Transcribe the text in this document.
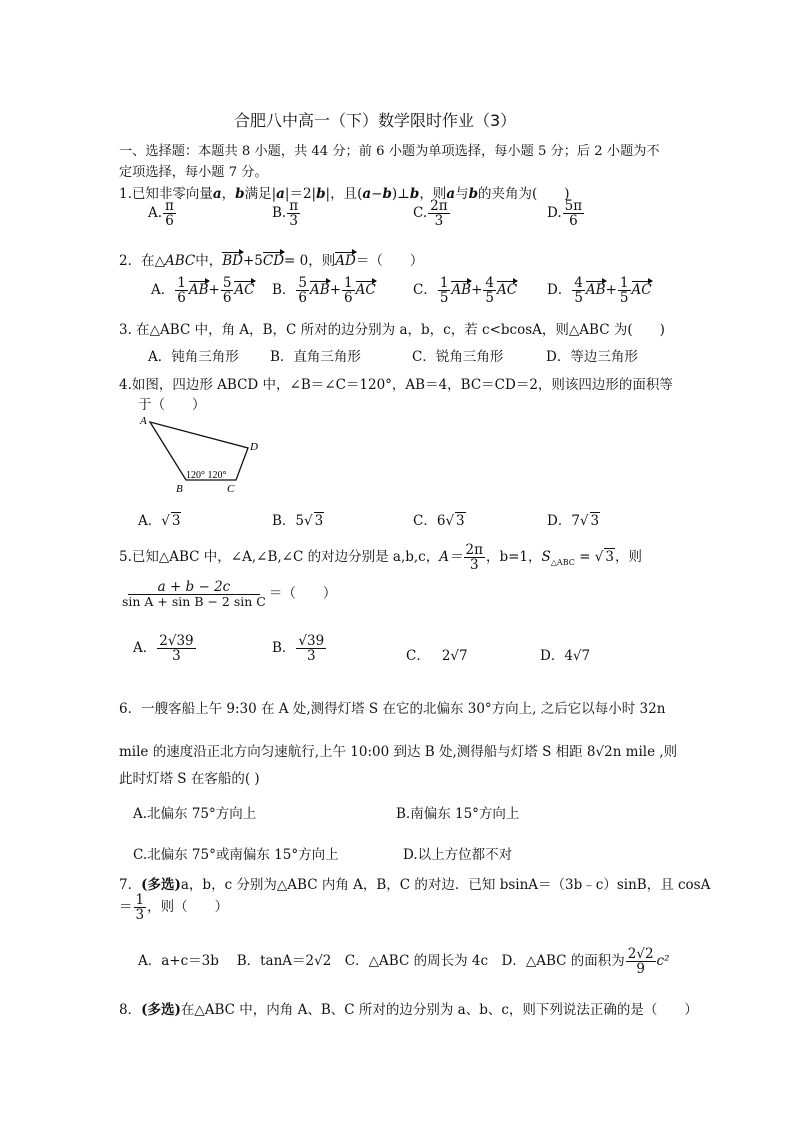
合肥八中高一（下）数学限时作业（3）
一、选择题：本题共 8 小题，共 44 分；前 6 小题为单项选择，每小题 5 分；后 2 小题为不
定项选择，每小题 7 分。
1.已知非零向量a，b满足|a|＝2|b|，且(a−b)⊥b，则a与b的夹角为(　　)
A. $\frac{\pi}{6}$	B. $\frac{\pi}{3}$	C. $\frac{2\pi}{3}$	D. $\frac{5\pi}{6}$
2．在△ABC中，BD+5CD= 0，则AD＝（　　）
A． $\frac{1}{6} AB+ \frac{5}{6}$ AC B． $\frac{5}{6} AB+ \frac{1}{6}$ AC	C． $\frac{1}{5} AB+ \frac{4}{5}$ AC D． $\frac{4}{5} AB+ \frac{1}{5}$ AC
3. 在△ABC 中，角 A，B，C 所对的边分别为 a，b，c，若 c<bcosA，则△ABC 为(　　)
A．钝角三角形 B．直角三角形	C．锐角三角形	D．等边三角形
4.如图，四边形 ABCD 中，∠B＝∠C＝120°，AB＝4，BC＝CD＝2，则该四边形的面积等
于（　　）
A
B	C
D
120° 120°
A．√ 3	B．5√ 3	C．6√ 3	D．7√ 3
5.已知△ABC 中，∠A,∠B,∠C 的对边分别是 a,b,c，$A= \frac{2\pi}{3}$ ，b=1，$S_{\triangle ABC}$ = √ 3，则
$\frac{a + b - 2c}{\text{sin A + sin B − 2 sin C}}$ ＝（　　）
A． $\frac{2√39}{3}$	B． $\frac{√39}{3}$	C． 2√7	D．4√7
6．一艘客船上午 9:30 在 A 处,测得灯塔 S 在它的北偏东 30°方向上, 之后它以每小时 32n
mile 的速度沿正北方向匀速航行,上午 10:00 到达 B 处,测得船与灯塔 S 相距 8√2n mile ,则
此时灯塔 S 在客船的( )
A.北偏东 75°方向上	B.南偏东 15°方向上
C.北偏东 75°或南偏东 15°方向上	D.以上方位都不对
7．(多选)a，b，c 分别为△ABC 内角 A，B，C 的对边．已知 bsinA＝（3b﹣c）sinB，且 cosA
＝ $\frac{1}{3}$ ，则（　　）
A．a+c＝3b　 B．tanA＝2√2　C．△ABC 的周长为 4c　D．△ABC 的面积为 $\frac{2√2}{9} c^2$
8．(多选)在△ABC 中，内角 A、B、C 所对的边分别为 a、b、c，则下列说法正确的是（　　）
